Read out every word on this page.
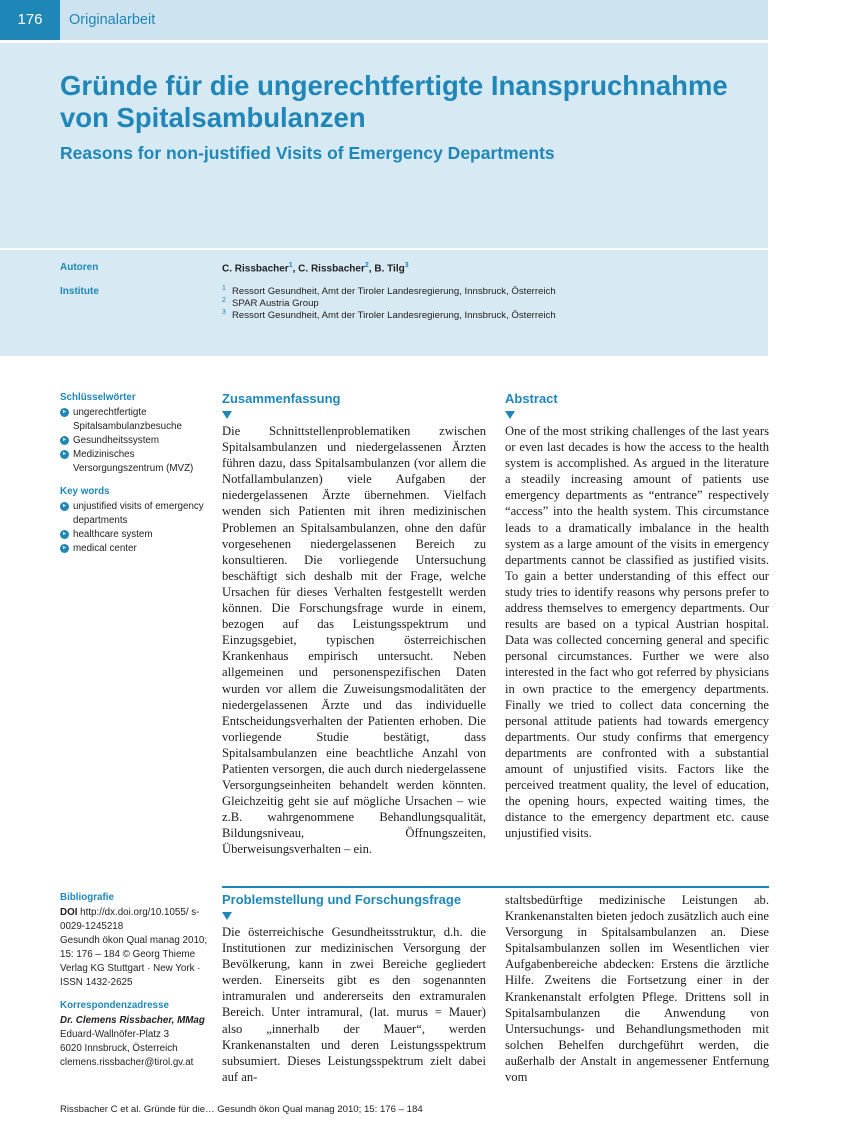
176	Originalarbeit
Gründe für die ungerechtfertigte Inanspruchnahme von Spitalsambulanzen
Reasons for non-justified Visits of Emergency Departments
Autoren	C. Rissbacher$^1$, C. Rissbacher$^2$, B. Tilg$^3$
Institute	$^1$ Ressort Gesundheit, Amt der Tiroler Landesregierung, Innsbruck, Österreich
$^2$ SPAR Austria Group
$^3$ Ressort Gesundheit, Amt der Tiroler Landesregierung, Innsbruck, Österreich
Schlüsselwörter
▸ ungerechtfertigte Spitalsambulanzbesuche
▸ Gesundheitssystem
▸ Medizinisches Versorgungszentrum (MVZ)
Key words
▸ unjustified visits of emergency departments
▸ healthcare system
▸ medical center
Bibliografie
DOI http://dx.doi.org/10.1055/ s-0029-1245218
Gesundh ökon Qual manag 2010; 15: 176 – 184 © Georg Thieme Verlag KG Stuttgart · New York · ISSN 1432-2625
Korrespondenzadresse
Dr. Clemens Rissbacher, MMag
Eduard-Wallnöfer-Platz 3
6020 Innsbruck, Österreich
clemens.rissbacher@tirol.gv.at
Zusammenfassung

Die Schnittstellenproblematiken zwischen Spitalsambulanzen und niedergelassenen Ärzten führen dazu, dass Spitalsambulanzen (vor allem die Notfallambulanzen) viele Aufgaben der niedergelassenen Ärzte übernehmen. Vielfach wenden sich Patienten mit ihren medizinischen Problemen an Spitalsambulanzen, ohne den dafür vorgesehenen niedergelassenen Bereich zu konsultieren. Die vorliegende Untersuchung beschäftigt sich deshalb mit der Frage, welche Ursachen für dieses Verhalten festgestellt werden können. Die Forschungsfrage wurde in einem, bezogen auf das Leistungsspektrum und Einzugsgebiet, typischen österreichischen Krankenhaus empirisch untersucht. Neben allgemeinen und personenspezifischen Daten wurden vor allem die Zuweisungsmodalitäten der niedergelassenen Ärzte und das individuelle Entscheidungsverhalten der Patienten erhoben. Die vorliegende Studie bestätigt, dass Spitalsambulanzen eine beachtliche Anzahl von Patienten versorgen, die auch durch niedergelassene Versorgungseinheiten behandelt werden könnten. Gleichzeitig geht sie auf mögliche Ursachen – wie z.B. wahrgenommene Behandlungsqualität, Bildungsniveau, Öffnungszeiten, Überweisungsverhalten – ein.

Abstract

One of the most striking challenges of the last years or even last decades is how the access to the health system is accomplished. As argued in the literature a steadily increasing amount of patients use emergency departments as “entrance” respectively “access” into the health system. This circumstance leads to a dramatically imbalance in the health system as a large amount of the visits in emergency departments cannot be classified as justified visits. To gain a better understanding of this effect our study tries to identify reasons why persons prefer to address themselves to emergency departments. Our results are based on a typical Austrian hospital. Data was collected concerning general and specific personal circumstances. Further we were also interested in the fact who got referred by physicians in own practice to the emergency departments. Finally we tried to collect data concerning the personal attitude patients had towards emergency departments. Our study confirms that emergency departments are confronted with a substantial amount of unjustified visits. Factors like the perceived treatment quality, the level of education, the opening hours, expected waiting times, the distance to the emergency department etc. cause unjustified visits.

Problemstellung und Forschungsfrage

Die österreichische Gesundheitsstruktur, d.h. die Institutionen zur medizinischen Versorgung der Bevölkerung, kann in zwei Bereiche gegliedert werden. Einerseits gibt es den sogenannten intramuralen und andererseits den extramuralen Bereich. Unter intramural, (lat. murus = Mauer) also „innerhalb der Mauer“, werden Krankenanstalten und deren Leistungsspektrum subsumiert. Dieses Leistungsspektrum zielt dabei auf an-

staltsbedürftige medizinische Leistungen ab. Krankenanstalten bieten jedoch zusätzlich auch eine Versorgung in Spitalsambulanzen an. Diese Spitalsambulanzen sollen im Wesentlichen vier Aufgabenbereiche abdecken: Erstens die ärztliche Hilfe. Zweitens die Fortsetzung einer in der Krankenanstalt erfolgten Pflege. Drittens soll in Spitalsambulanzen die Anwendung von Untersuchungs- und Behandlungsmethoden mit solchen Behelfen durchgeführt werden, die außerhalb der Anstalt in angemessener Entfernung vom

Rissbacher C et al. Gründe für die… Gesundh ökon Qual manag 2010; 15: 176 – 184
